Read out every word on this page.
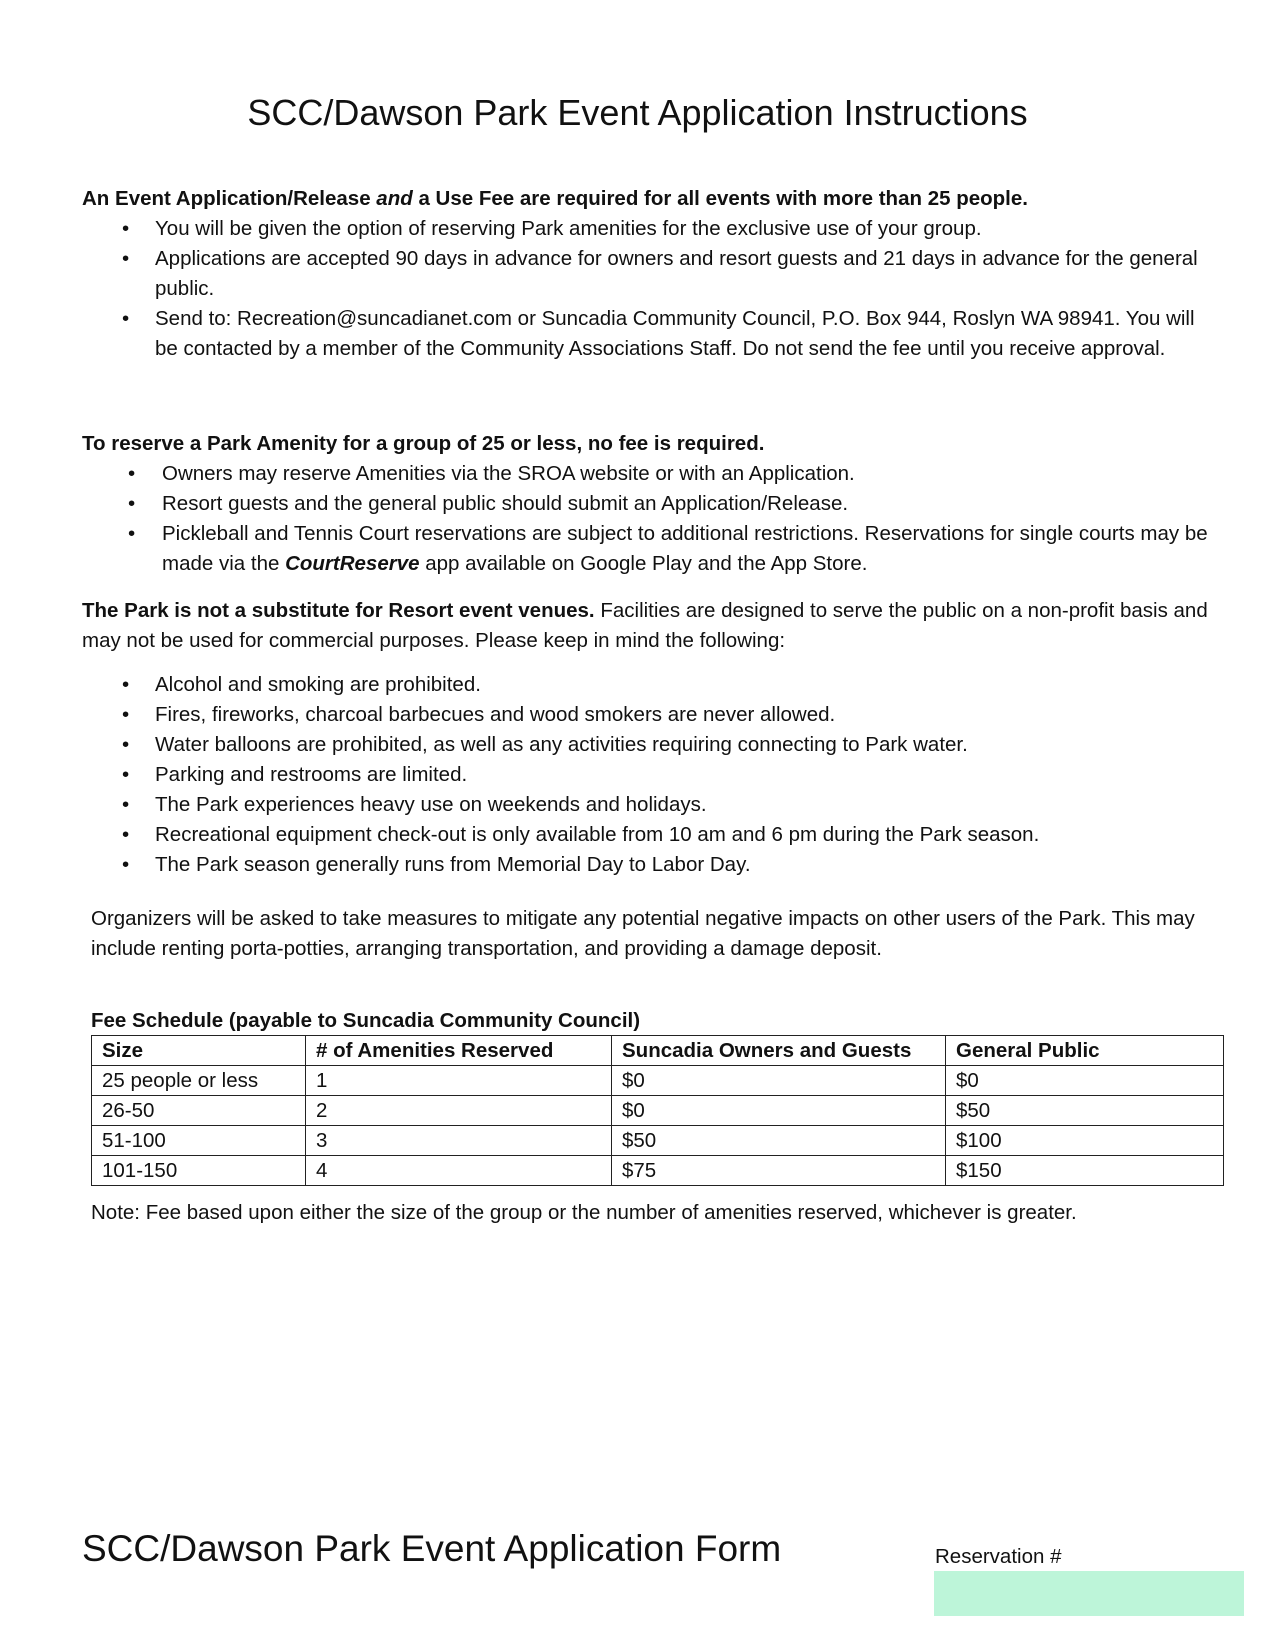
SCC/Dawson Park Event Application Instructions

An Event Application/Release and a Use Fee are required for all events with more than 25 people.

• You will be given the option of reserving Park amenities for the exclusive use of your group.
• Applications are accepted 90 days in advance for owners and resort guests and 21 days in advance for the general public.
• Send to: Recreation@suncadianet.com or Suncadia Community Council, P.O. Box 944, Roslyn WA 98941. You will be contacted by a member of the Community Associations Staff. Do not send the fee until you receive approval.

To reserve a Park Amenity for a group of 25 or less, no fee is required.

• Owners may reserve Amenities via the SROA website or with an Application.
• Resort guests and the general public should submit an Application/Release.
• Pickleball and Tennis Court reservations are subject to additional restrictions. Reservations for single courts may be made via the CourtReserve app available on Google Play and the App Store.

The Park is not a substitute for Resort event venues. Facilities are designed to serve the public on a non-profit basis and may not be used for commercial purposes. Please keep in mind the following:

• Alcohol and smoking are prohibited.
• Fires, fireworks, charcoal barbecues and wood smokers are never allowed.
• Water balloons are prohibited, as well as any activities requiring connecting to Park water.
• Parking and restrooms are limited.
• The Park experiences heavy use on weekends and holidays.
• Recreational equipment check-out is only available from 10 am and 6 pm during the Park season.
• The Park season generally runs from Memorial Day to Labor Day.

Organizers will be asked to take measures to mitigate any potential negative impacts on other users of the Park. This may include renting porta-potties, arranging transportation, and providing a damage deposit.

Fee Schedule (payable to Suncadia Community Council)

Size	# of Amenities Reserved	Suncadia Owners and Guests	General Public
25 people or less	1	$0	$0
26-50	2	$0	$50
51-100	3	$50	$100
101-150	4	$75	$150

Note: Fee based upon either the size of the group or the number of amenities reserved, whichever is greater.

SCC/Dawson Park Event Application Form	Reservation #
